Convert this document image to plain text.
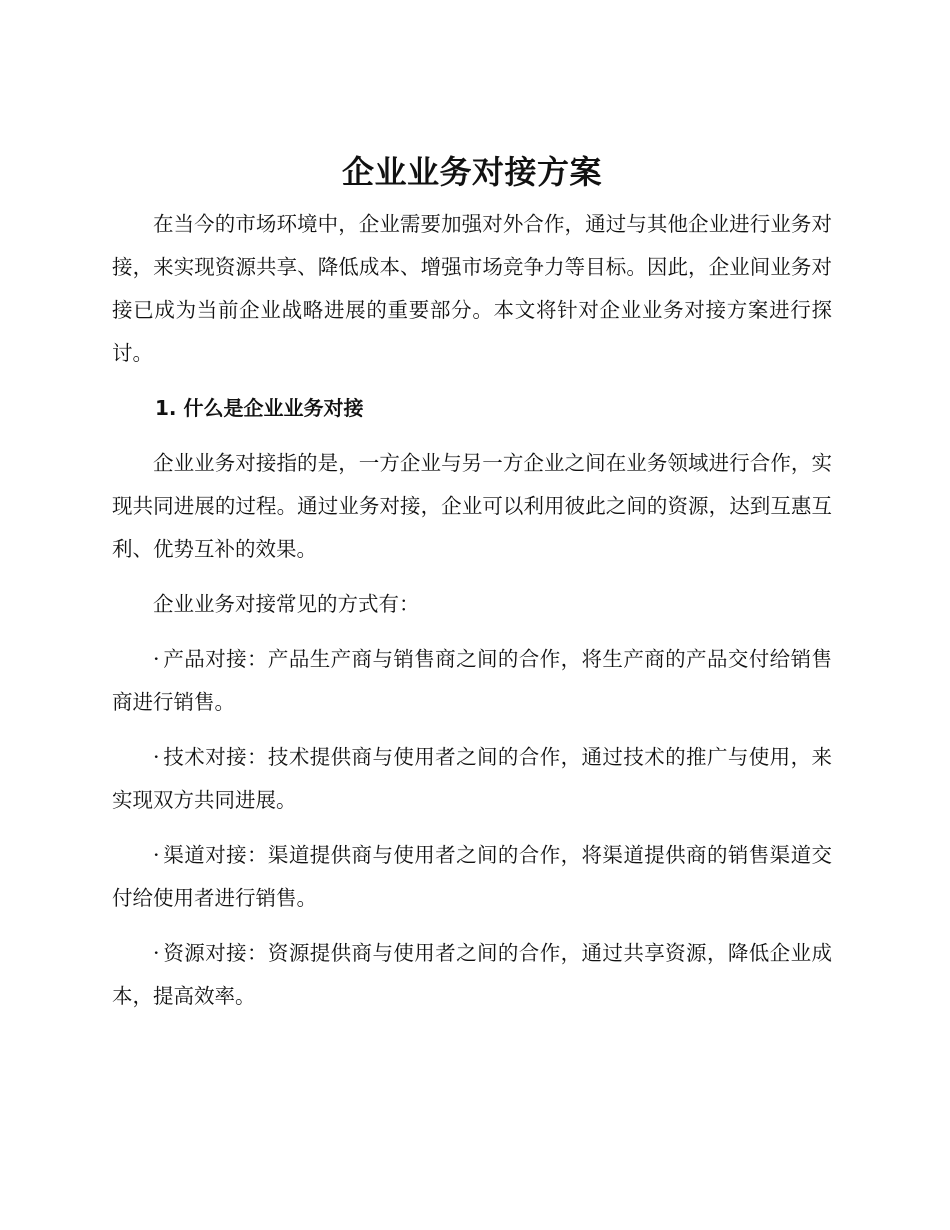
企业业务对接方案

在当今的市场环境中，企业需要加强对外合作，通过与其他企业进行业务对接，来实现资源共享、降低成本、增强市场竞争力等目标。因此，企业间业务对接已成为当前企业战略进展的重要部分。本文将针对企业业务对接方案进行探讨。

1. 什么是企业业务对接

企业业务对接指的是，一方企业与另一方企业之间在业务领域进行合作，实现共同进展的过程。通过业务对接，企业可以利用彼此之间的资源，达到互惠互利、优势互补的效果。

企业业务对接常见的方式有：

· 产品对接：产品生产商与销售商之间的合作，将生产商的产品交付给销售商进行销售。

· 技术对接：技术提供商与使用者之间的合作，通过技术的推广与使用，来实现双方共同进展。

· 渠道对接：渠道提供商与使用者之间的合作，将渠道提供商的销售渠道交付给使用者进行销售。

· 资源对接：资源提供商与使用者之间的合作，通过共享资源，降低企业成本，提高效率。
